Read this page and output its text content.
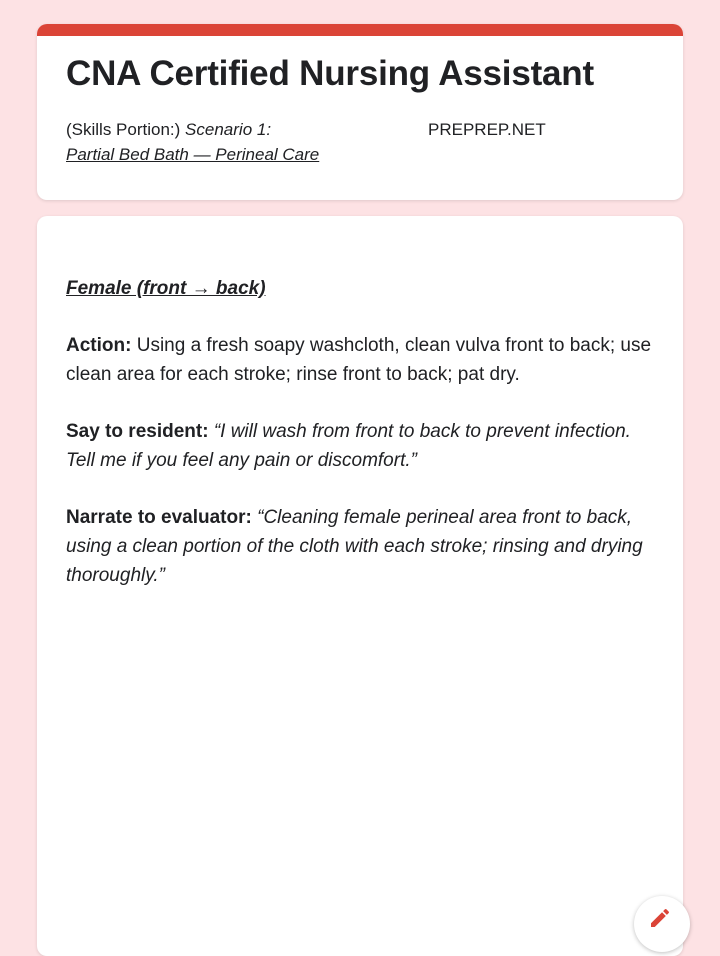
CNA Certified Nursing Assistant
(Skills Portion:) Scenario 1:
Partial Bed Bath — Perineal Care
PREPREP.NET
Female (front → back)
Action: Using a fresh soapy washcloth, clean vulva front to back; use clean area for each stroke; rinse front to back; pat dry.
Say to resident: “I will wash from front to back to prevent infection. Tell me if you feel any pain or discomfort.”
Narrate to evaluator: “Cleaning female perineal area front to back, using a clean portion of the cloth with each stroke; rinsing and drying thoroughly.”
